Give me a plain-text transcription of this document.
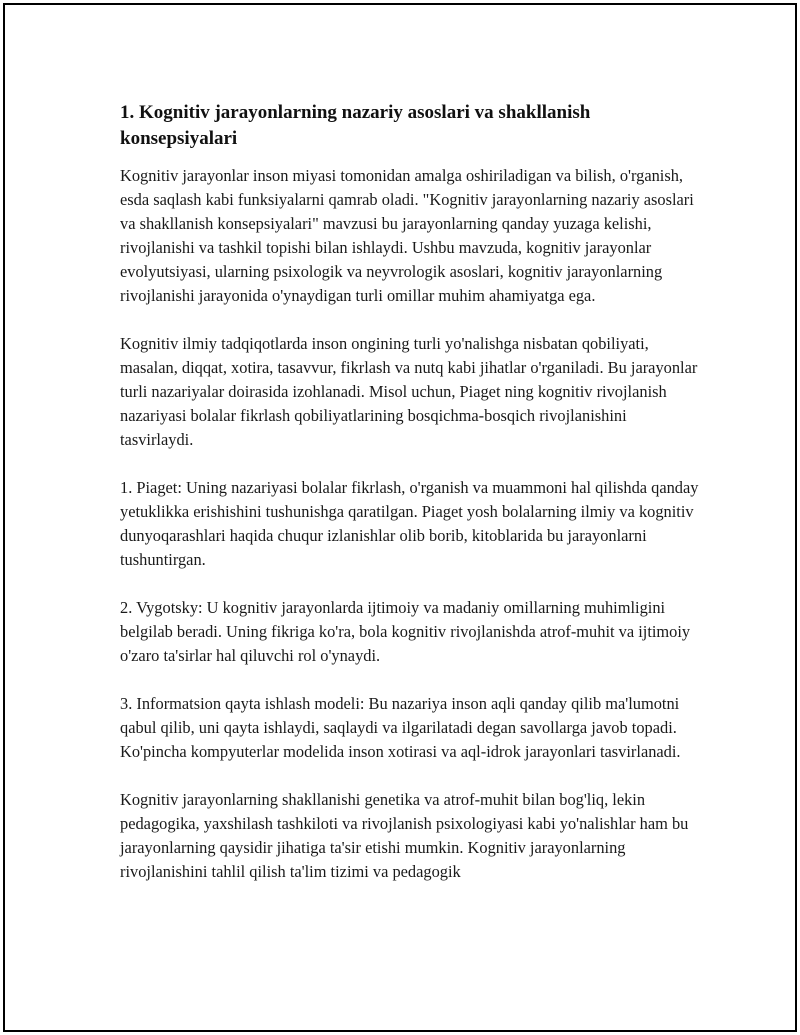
1. Kognitiv jarayonlarning nazariy asoslari va shakllanish konsepsiyalari

Kognitiv jarayonlar inson miyasi tomonidan amalga oshiriladigan va bilish, o'rganish, esda saqlash kabi funksiyalarni qamrab oladi. "Kognitiv jarayonlarning nazariy asoslari va shakllanish konsepsiyalari" mavzusi bu jarayonlarning qanday yuzaga kelishi, rivojlanishi va tashkil topishi bilan ishlaydi. Ushbu mavzuda, kognitiv jarayonlar evolyutsiyasi, ularning psixologik va neyvrologik asoslari, kognitiv jarayonlarning rivojlanishi jarayonida o'ynaydigan turli omillar muhim ahamiyatga ega.

Kognitiv ilmiy tadqiqotlarda inson ongining turli yo'nalishga nisbatan qobiliyati, masalan, diqqat, xotira, tasavvur, fikrlash va nutq kabi jihatlar o'rganiladi. Bu jarayonlar turli nazariyalar doirasida izohlanadi. Misol uchun, Piaget ning kognitiv rivojlanish nazariyasi bolalar fikrlash qobiliyatlarining bosqichma-bosqich rivojlanishini tasvirlaydi.

1. Piaget: Uning nazariyasi bolalar fikrlash, o'rganish va muammoni hal qilishda qanday yetuklikka erishishini tushunishga qaratilgan. Piaget yosh bolalarning ilmiy va kognitiv dunyoqarashlari haqida chuqur izlanishlar olib borib, kitoblarida bu jarayonlarni tushuntirgan.

2. Vygotsky: U kognitiv jarayonlarda ijtimoiy va madaniy omillarning muhimligini belgilab beradi. Uning fikriga ko'ra, bola kognitiv rivojlanishda atrof-muhit va ijtimoiy o'zaro ta'sirlar hal qiluvchi rol o'ynaydi.

3. Informatsion qayta ishlash modeli: Bu nazariya inson aqli qanday qilib ma'lumotni qabul qilib, uni qayta ishlaydi, saqlaydi va ilgarilatadi degan savollarga javob topadi. Ko'pincha kompyuterlar modelida inson xotirasi va aql-idrok jarayonlari tasvirlanadi.

Kognitiv jarayonlarning shakllanishi genetika va atrof-muhit bilan bog'liq, lekin pedagogika, yaxshilash tashkiloti va rivojlanish psixologiyasi kabi yo'nalishlar ham bu jarayonlarning qaysidir jihatiga ta'sir etishi mumkin. Kognitiv jarayonlarning rivojlanishini tahlil qilish ta'lim tizimi va pedagogik
